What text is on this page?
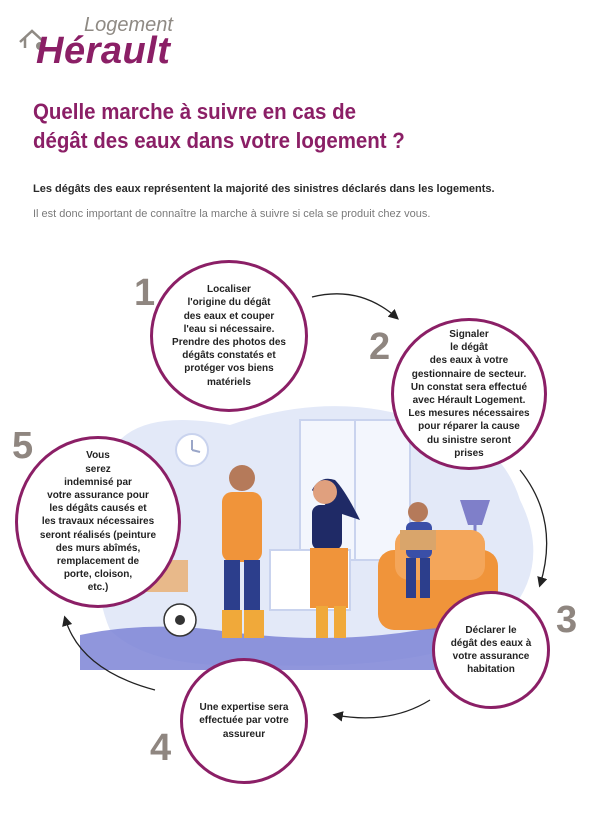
Logement
Hérault
Quelle marche à suivre en cas de
dégât des eaux dans votre logement ?
Les dégâts des eaux représentent la majorité des sinistres déclarés dans les logements.
Il est donc important de connaître la marche à suivre si cela se produit chez vous.
1
2
3
4
5
Localiser
l'origine du dégât
des eaux et couper
l'eau si nécessaire.
Prendre des photos des
dégâts constatés et
protéger vos biens
matériels
Signaler
le dégât
des eaux à votre
gestionnaire de secteur.
Un constat sera effectué
avec Hérault Logement.
Les mesures nécessaires
pour réparer la cause
du sinistre seront
prises
Déclarer le
dégât des eaux à
votre assurance
habitation
Une expertise sera
effectuée par votre
assureur
Vous
serez
indemnisé par
votre assurance pour
les dégâts causés et
les travaux nécessaires
seront réalisés (peinture
des murs abîmés,
remplacement de
porte, cloison,
etc.)
